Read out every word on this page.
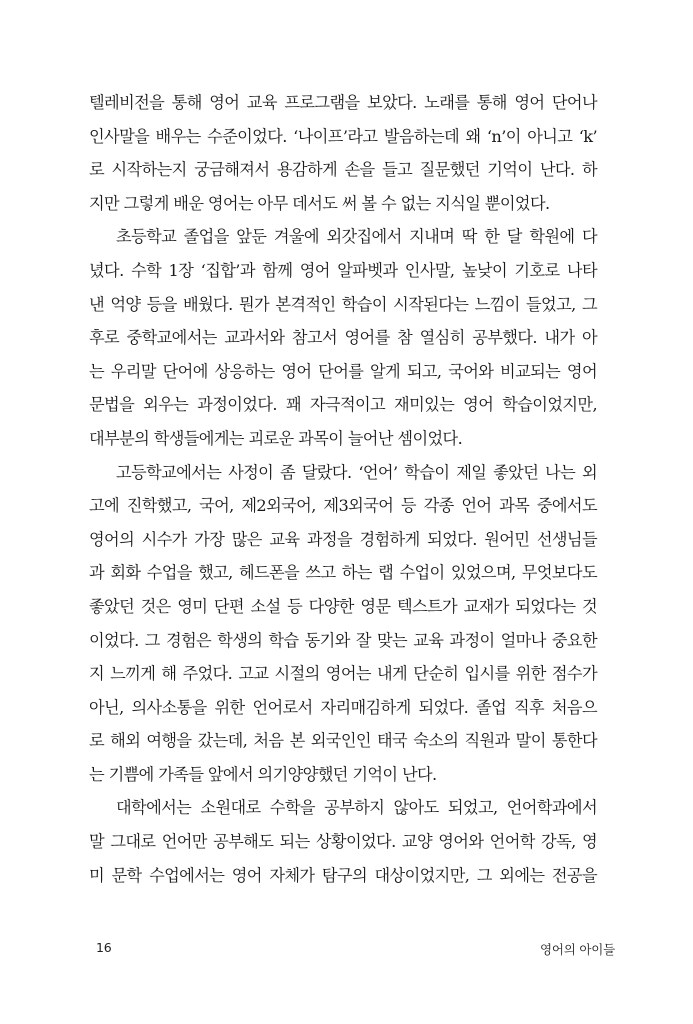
텔레비전을 통해 영어 교육 프로그램을 보았다. 노래를 통해 영어 단어나

인사말을 배우는 수준이었다. ‘나이프’라고 발음하는데 왜 ‘n’이 아니고 ‘k’

로 시작하는지 궁금해져서 용감하게 손을 들고 질문했던 기억이 난다. 하

지만 그렇게 배운 영어는 아무 데서도 써 볼 수 없는 지식일 뿐이었다.

초등학교 졸업을 앞둔 겨울에 외갓집에서 지내며 딱 한 달 학원에 다

녔다. 수학 1장 ‘집합’과 함께 영어 알파벳과 인사말, 높낮이 기호로 나타

낸 억양 등을 배웠다. 뭔가 본격적인 학습이 시작된다는 느낌이 들었고, 그

후로 중학교에서는 교과서와 참고서 영어를 참 열심히 공부했다. 내가 아

는 우리말 단어에 상응하는 영어 단어를 알게 되고, 국어와 비교되는 영어

문법을 외우는 과정이었다. 꽤 자극적이고 재미있는 영어 학습이었지만,

대부분의 학생들에게는 괴로운 과목이 늘어난 셈이었다.

고등학교에서는 사정이 좀 달랐다. ‘언어’ 학습이 제일 좋았던 나는 외

고에 진학했고, 국어, 제2외국어, 제3외국어 등 각종 언어 과목 중에서도

영어의 시수가 가장 많은 교육 과정을 경험하게 되었다. 원어민 선생님들

과 회화 수업을 했고, 헤드폰을 쓰고 하는 랩 수업이 있었으며, 무엇보다도

좋았던 것은 영미 단편 소설 등 다양한 영문 텍스트가 교재가 되었다는 것

이었다. 그 경험은 학생의 학습 동기와 잘 맞는 교육 과정이 얼마나 중요한

지 느끼게 해 주었다. 고교 시절의 영어는 내게 단순히 입시를 위한 점수가

아닌, 의사소통을 위한 언어로서 자리매김하게 되었다. 졸업 직후 처음으

로 해외 여행을 갔는데, 처음 본 외국인인 태국 숙소의 직원과 말이 통한다

는 기쁨에 가족들 앞에서 의기양양했던 기억이 난다.

대학에서는 소원대로 수학을 공부하지 않아도 되었고, 언어학과에서

말 그대로 언어만 공부해도 되는 상황이었다. 교양 영어와 언어학 강독, 영

미 문학 수업에서는 영어 자체가 탐구의 대상이었지만, 그 외에는 전공을

16	영어의 아이들
